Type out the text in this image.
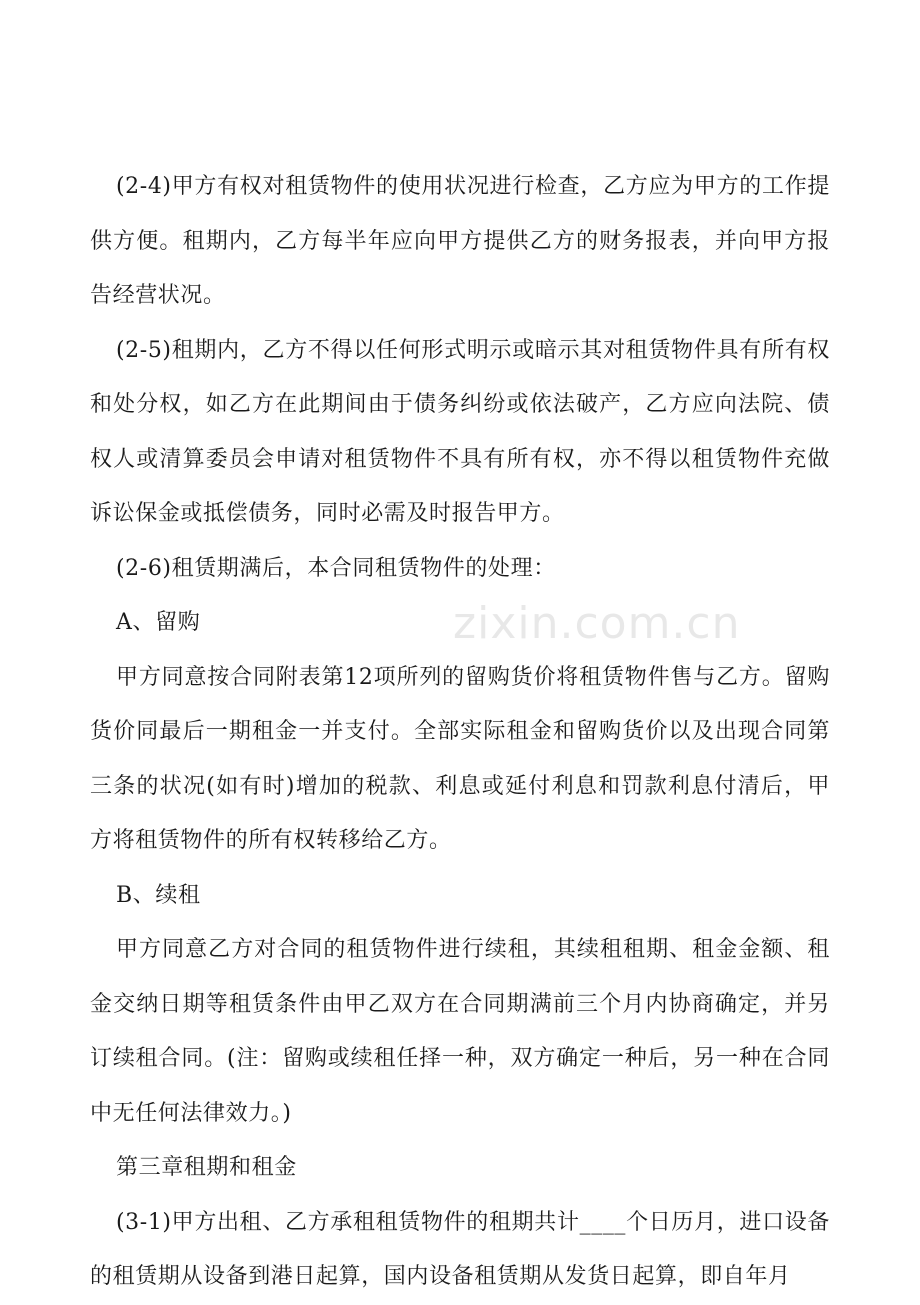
(2-4)甲方有权对租赁物件的使用状况进行检查，乙方应为甲方的工作提供方便。租期内，乙方每半年应向甲方提供乙方的财务报表，并向甲方报告经营状况。

(2-5)租期内，乙方不得以任何形式明示或暗示其对租赁物件具有所有权和处分权，如乙方在此期间由于债务纠纷或依法破产，乙方应向法院、债权人或清算委员会申请对租赁物件不具有所有权，亦不得以租赁物件充做诉讼保金或抵偿债务，同时必需及时报告甲方。

(2-6)租赁期满后，本合同租赁物件的处理：

A、留购

甲方同意按合同附表第12项所列的留购货价将租赁物件售与乙方。留购货价同最后一期租金一并支付。全部实际租金和留购货价以及出现合同第三条的状况(如有时)增加的税款、利息或延付利息和罚款利息付清后，甲方将租赁物件的所有权转移给乙方。

B、续租

甲方同意乙方对合同的租赁物件进行续租，其续租租期、租金金额、租金交纳日期等租赁条件由甲乙双方在合同期满前三个月内协商确定，并另订续租合同。(注：留购或续租任择一种，双方确定一种后，另一种在合同中无任何法律效力。)

第三章租期和租金

(3-1)甲方出租、乙方承租租赁物件的租期共计____个日历月，进口设备的租赁期从设备到港日起算，国内设备租赁期从发货日起算，即自年月

zixin.com.cn
